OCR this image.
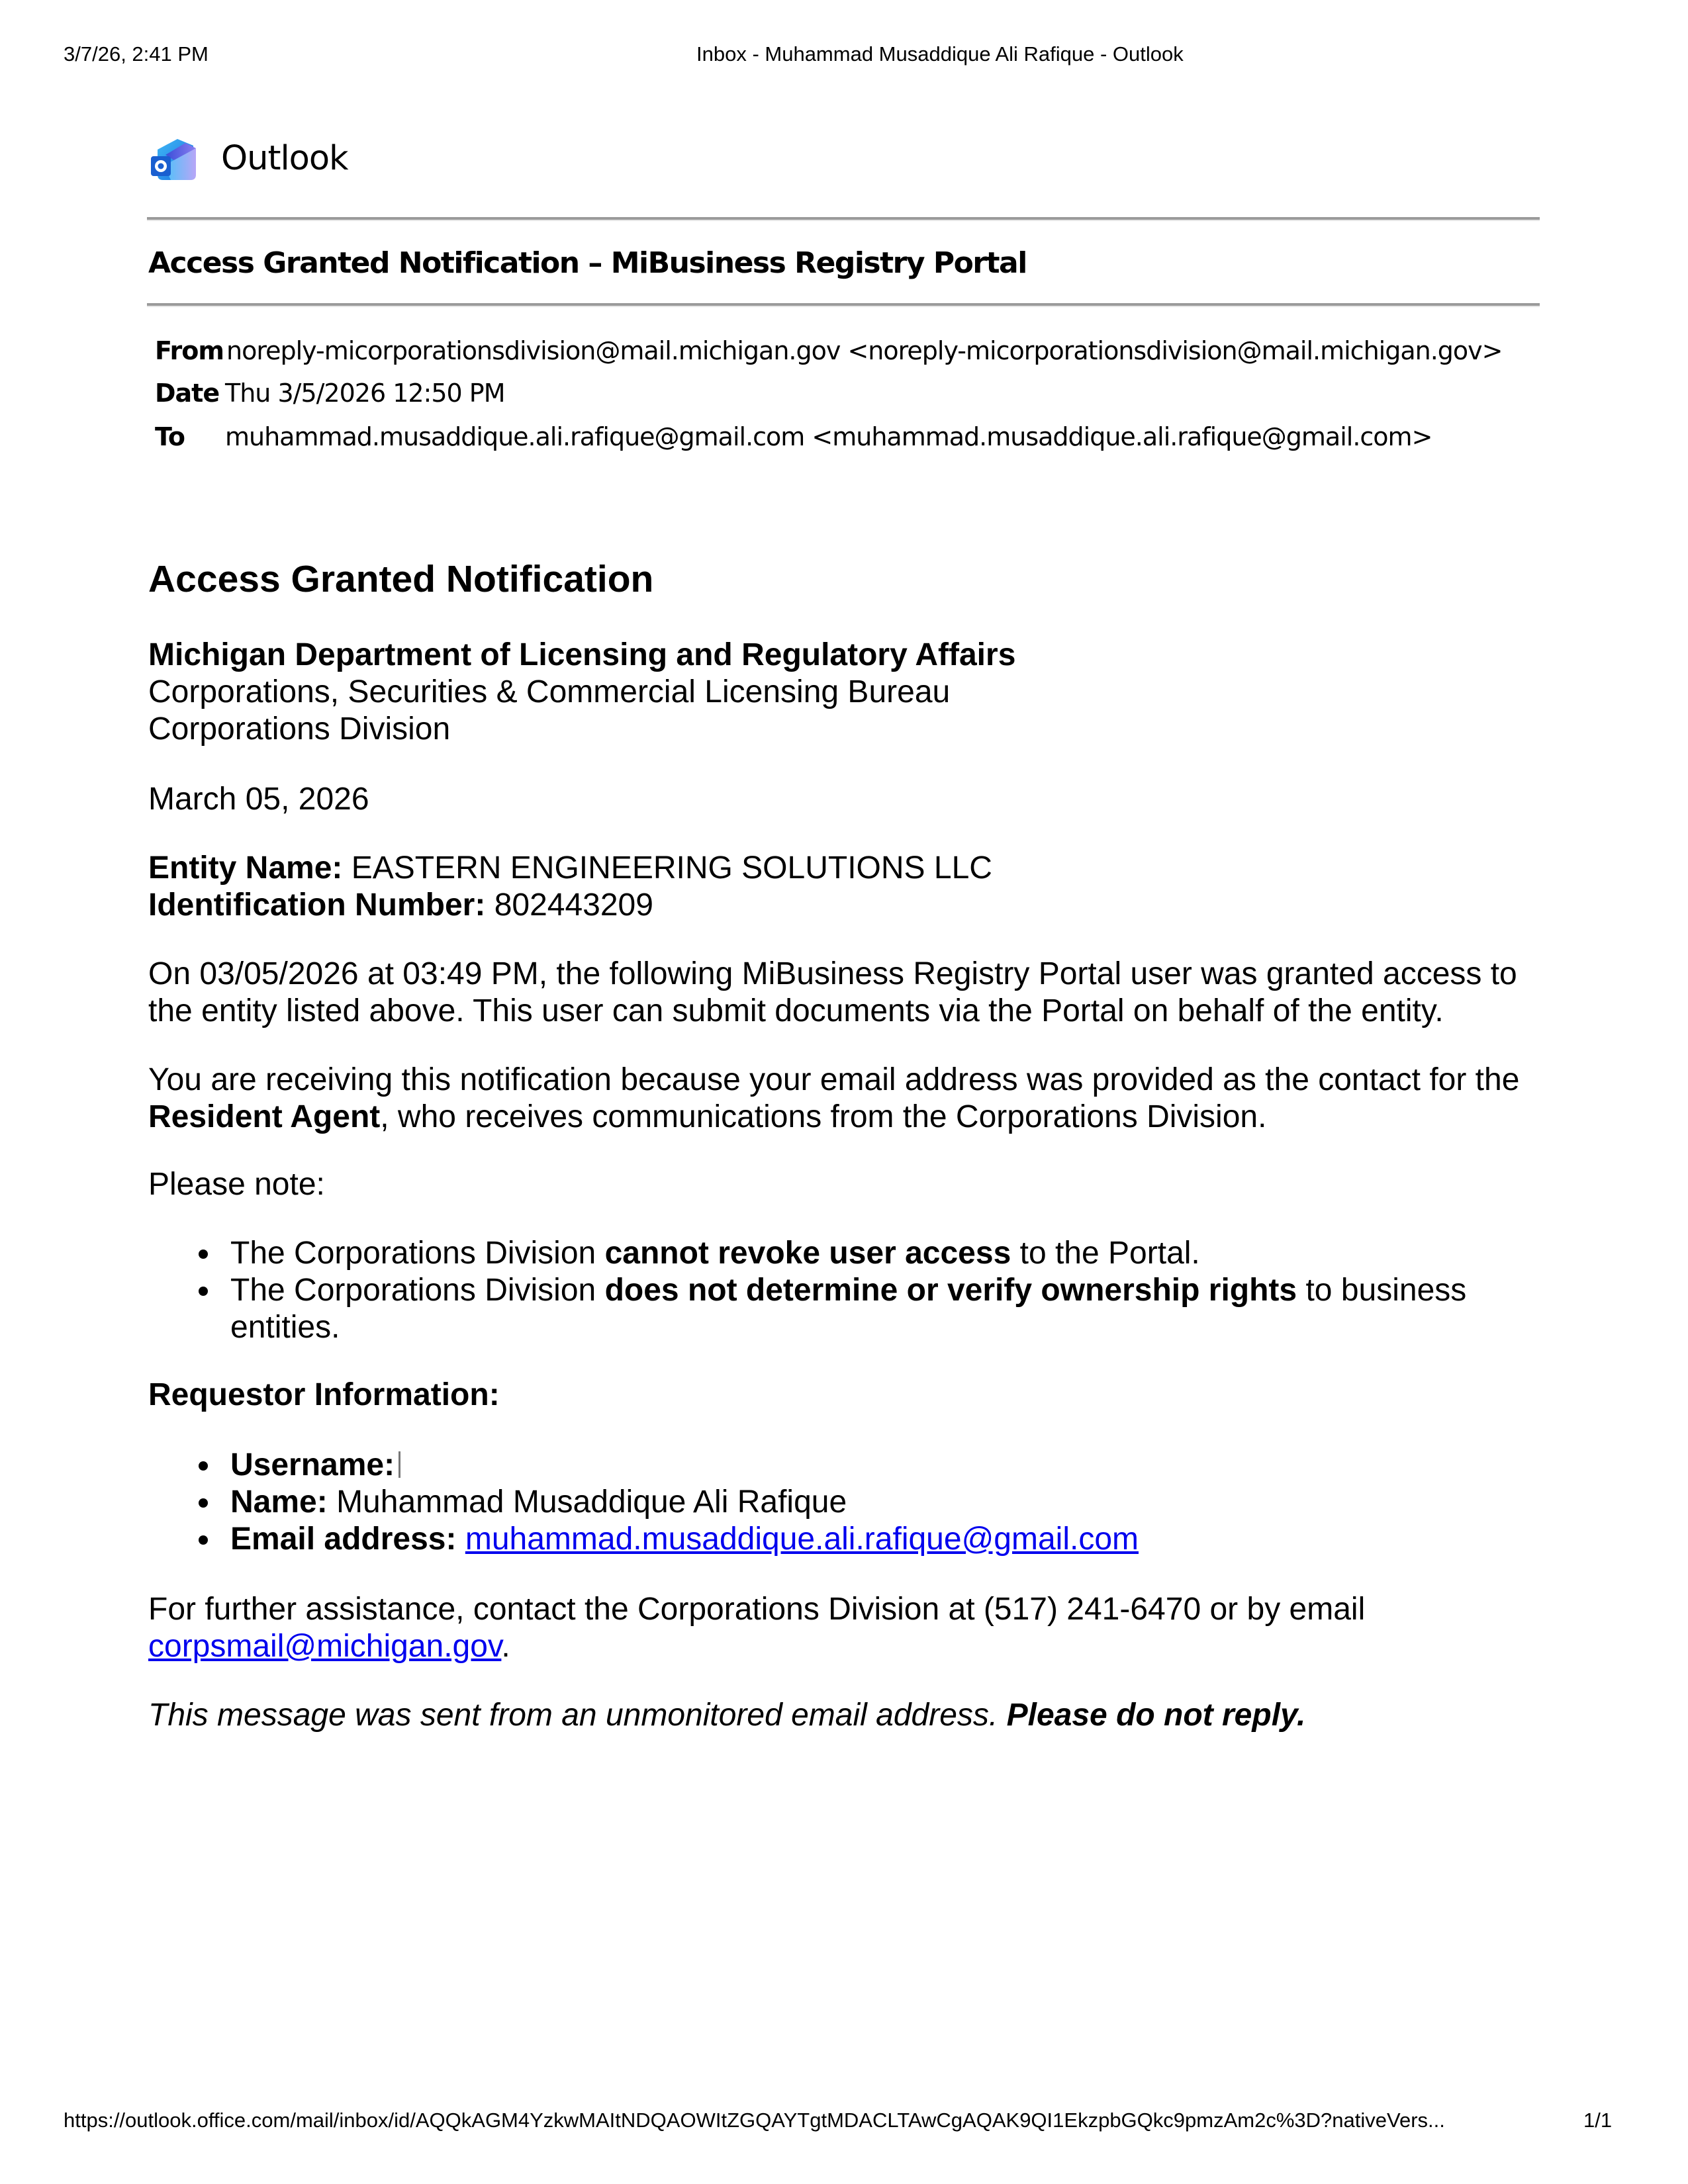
3/7/26, 2:41 PM	Inbox - Muhammad Musaddique Ali Rafique - Outlook
Outlook
Access Granted Notification – MiBusiness Registry Portal
From noreply-micorporationsdivision@mail.michigan.gov <noreply-micorporationsdivision@mail.michigan.gov>
Date Thu 3/5/2026 12:50 PM
To muhammad.musaddique.ali.rafique@gmail.com <muhammad.musaddique.ali.rafique@gmail.com>
Access Granted Notification

Michigan Department of Licensing and Regulatory Affairs

Corporations, Securities & Commercial Licensing Bureau

Corporations Division

March 05, 2026

Entity Name: EASTERN ENGINEERING SOLUTIONS LLC

Identification Number: 802443209

On 03/05/2026 at 03:49 PM, the following MiBusiness Registry Portal user was granted access to the entity listed above. This user can submit documents via the Portal on behalf of the entity.

You are receiving this notification because your email address was provided as the contact for the Resident Agent, who receives communications from the Corporations Division.

Please note:
The Corporations Division cannot revoke user access to the Portal.
The Corporations Division does not determine or verify ownership rights to business entities.

Requestor Information:

Username:
Name: Muhammad Musaddique Ali Rafique
Email address: muhammad.musaddique.ali.rafique@gmail.com

For further assistance, contact the Corporations Division at (517) 241-6470 or by email corpsmail@michigan.gov.

This message was sent from an unmonitored email address. Please do not reply.

https://outlook.office.com/mail/inbox/id/AQQkAGM4YzkwMAItNDQAOWItZGQAYTgtMDACLTAwCgAQAK9QI1EkzpbGQkc9pmzAm2c%3D?nativeVers...	1/1
